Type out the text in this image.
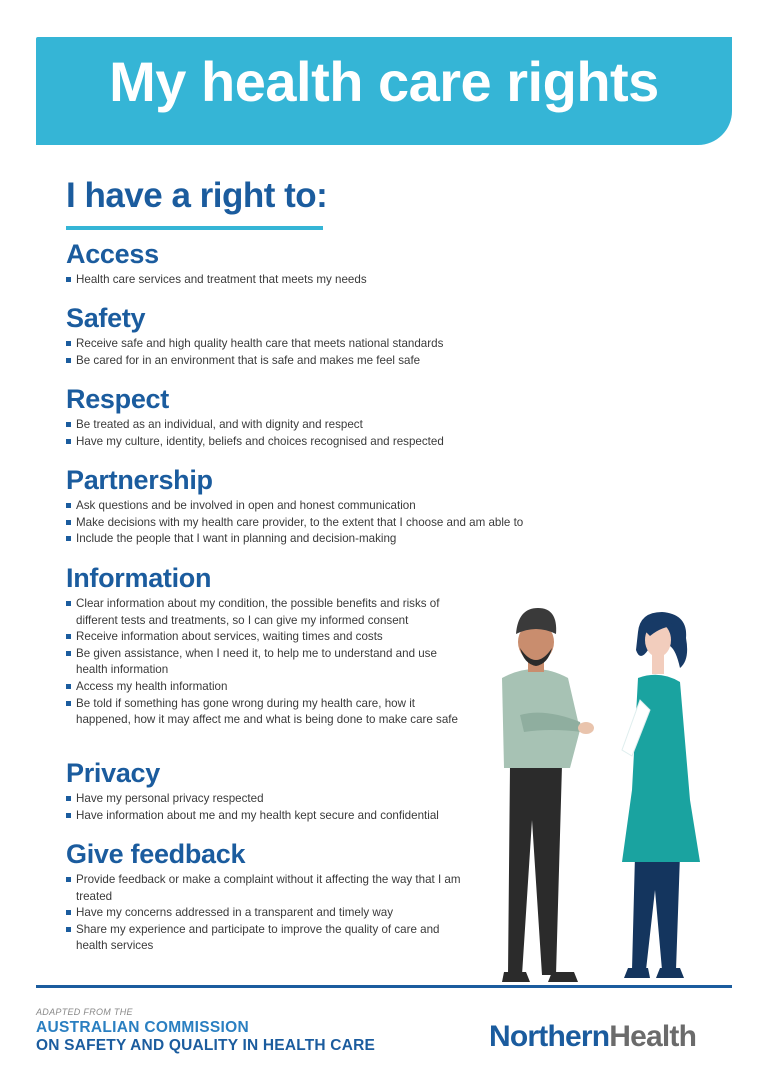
My health care rights
I have a right to:
Access
Health care services and treatment that meets my needs
Safety
Receive safe and high quality health care that meets national standards
Be cared for in an environment that is safe and makes me feel safe
Respect
Be treated as an individual, and with dignity and respect
Have my culture, identity, beliefs and choices recognised and respected
Partnership
Ask questions and be involved in open and honest communication
Make decisions with my health care provider, to the extent that I choose and am able to
Include the people that I want in planning and decision-making
Information
Clear information about my condition, the possible benefits and risks of different tests and treatments, so I can give my informed consent
Receive information about services, waiting times and costs
Be given assistance, when I need it, to help me to understand and use health information
Access my health information
Be told if something has gone wrong during my health care, how it happened, how it may affect me and what is being done to make care safe
Privacy
Have my personal privacy respected
Have information about me and my health kept secure and confidential
Give feedback
Provide feedback or make a complaint without it affecting the way that I am treated
Have my concerns addressed in a transparent and timely way
Share my experience and participate to improve the quality of care and health services
ADAPTED FROM THE
AUSTRALIAN COMMISSION
ON SAFETY AND QUALITY IN HEALTH CARE	NorthernHealth
